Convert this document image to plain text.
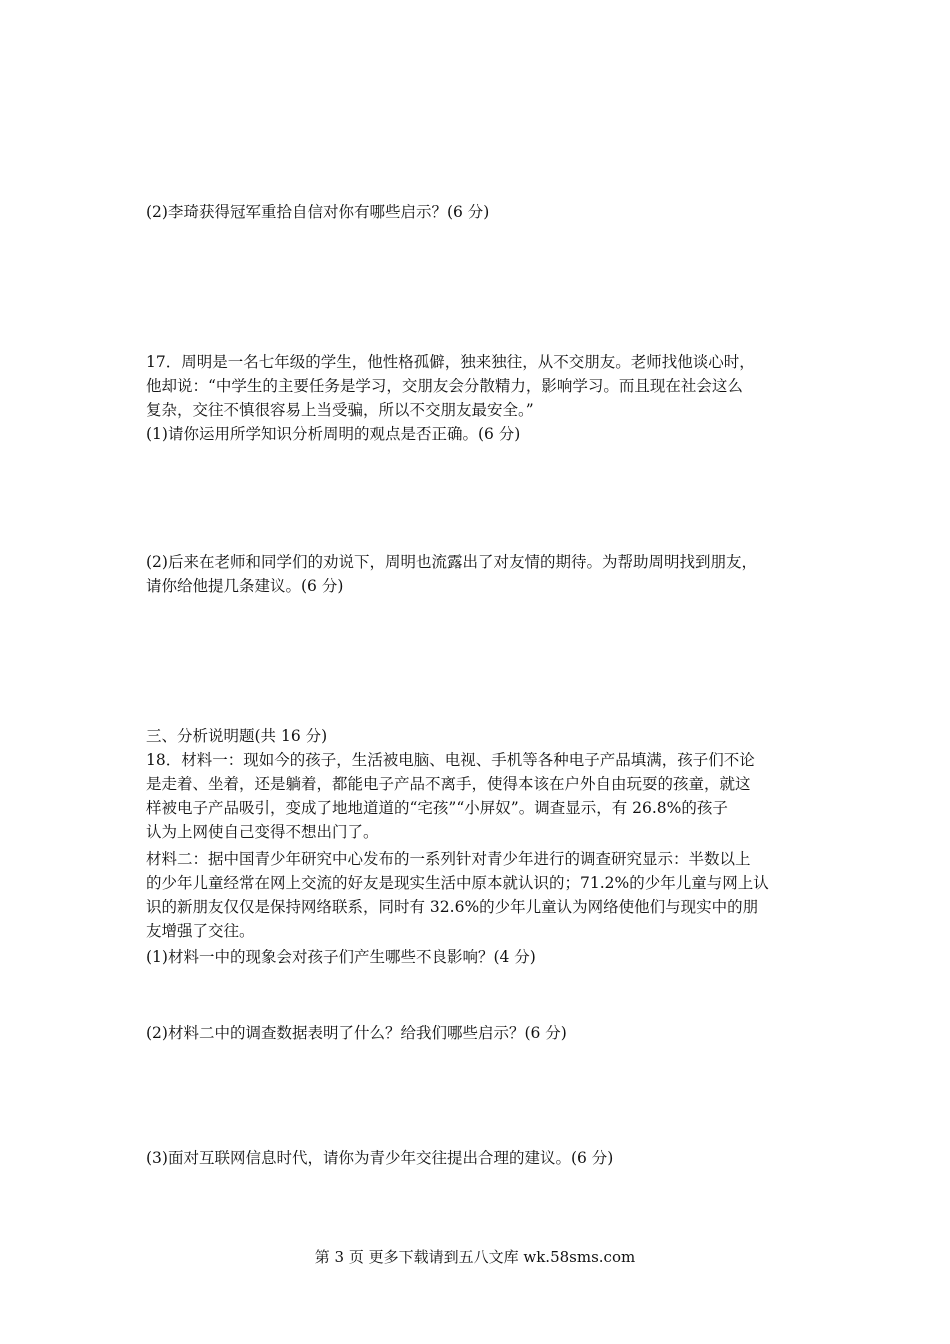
(2)李琦获得冠军重拾自信对你有哪些启示？(6 分)
17．周明是一名七年级的学生，他性格孤僻，独来独往，从不交朋友。老师找他谈心时，
他却说：“中学生的主要任务是学习，交朋友会分散精力，影响学习。而且现在社会这么
复杂，交往不慎很容易上当受骗，所以不交朋友最安全。”
(1)请你运用所学知识分析周明的观点是否正确。(6 分)
(2)后来在老师和同学们的劝说下，周明也流露出了对友情的期待。为帮助周明找到朋友，
请你给他提几条建议。(6 分)
三、分析说明题(共 16 分)
18．材料一：现如今的孩子，生活被电脑、电视、手机等各种电子产品填满，孩子们不论
是走着、坐着，还是躺着，都能电子产品不离手，使得本该在户外自由玩耍的孩童，就这
样被电子产品吸引，变成了地地道道的“宅孩”“小屏奴”。调查显示，有 26.8%的孩子
认为上网使自己变得不想出门了。
材料二：据中国青少年研究中心发布的一系列针对青少年进行的调查研究显示：半数以上
的少年儿童经常在网上交流的好友是现实生活中原本就认识的；71.2%的少年儿童与网上认
识的新朋友仅仅是保持网络联系，同时有 32.6%的少年儿童认为网络使他们与现实中的朋
友增强了交往。
(1)材料一中的现象会对孩子们产生哪些不良影响？(4 分)
(2)材料二中的调查数据表明了什么？给我们哪些启示？(6 分)
(3)面对互联网信息时代，请你为青少年交往提出合理的建议。(6 分)
第 3 页 更多下载请到五八文库 wk.58sms.com
